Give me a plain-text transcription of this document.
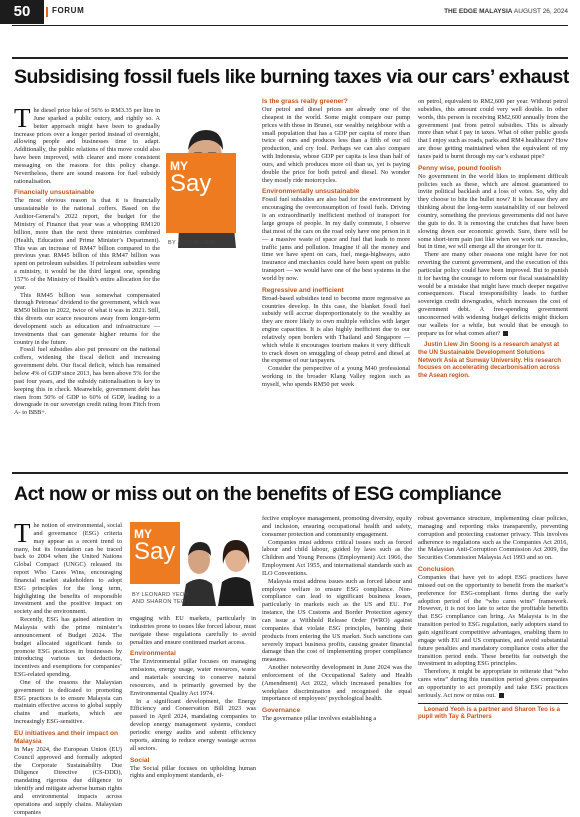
50	FORUM	THE EDGE MALAYSIA AUGUST 26, 2024
Subsidising fossil fuels like burning taxes via our cars’ exhaust

The diesel price hike of 56% to RM3.35 per litre in June sparked a public outcry, and rightly so. A better approach might have been to gradually increase prices over a longer period instead of overnight, allowing people and businesses time to adapt. Additionally, the public relations of this move could also have been improved, with clearer and more consistent messaging on the reasons for this policy change. Nevertheless, there are sound reasons for fuel subsidy rationalisation.

Financially unsustainable

The most obvious reason is that it is financially unsustainable to the national coffers. Based on the Auditor-General’s 2022 report, the budget for the Ministry of Finance that year was a whopping RM120 billion, more than the next three ministries combined (Health, Education and Prime Minister’s Department). This was an increase of RM47 billion compared to the previous year. RM45 billion of this RM47 billion was spent on petroleum subsidies. If petroleum subsidies were a ministry, it would be the third largest one, spending 157% of the Ministry of Health’s entire allocation for the year.

This RM45 billion was somewhat compensated through Petronas’ dividend to the government, which was RM50 billion in 2022, twice of what it was in 2021. Still, this diverts our scarce resources away from longer-term development such as education and infrastructure — investments that can generate higher returns for the country in the future.

Fossil fuel subsidies also put pressure on the national coffers, widening the fiscal deficit and increasing government debt. Our fiscal deficit, which has remained below 4% of GDP since 2013, has been above 5% for the past four years, and the subsidy rationalisation is key to keeping this in check. Meanwhile, government debt has risen from 50% of GDP to 60% of GDP, leading to a downgrade in our sovereign credit rating from Fitch from A- to BBB+.

MY
Say
BY JUSTIN LIEW
Is the grass really greener?

Our petrol and diesel prices are already one of the cheapest in the world. Some might compare our pump prices with those in Brunei, our wealthy neighbour with a small population that has a GDP per capita of more than twice of ours and produces less than a fifth of our oil production, and cry foul. Perhaps we can also compare with Indonesia, whose GDP per capita is less than half of ours, and which produces more oil than us, yet is paying double the price for both petrol and diesel. No wonder they mostly ride motorcycles.

Environmentally unsustainable

Fossil fuel subsidies are also bad for the environment by encouraging the overconsumption of fossil fuels. Driving is an extraordinarily inefficient method of transport for large groups of people. In my daily commute, I observe that most of the cars on the road only have one person in it — a massive waste of space and fuel that leads to more traffic jams and pollution. Imagine if all the money and time we have spent on cars, fuel, mega-highways, auto insurance and mechanics could have been spent on public transport — we would have one of the best systems in the world by now.

Regressive and inefficient

Broad-based subsidies tend to become more regressive as countries develop. In this case, the blanket fossil fuel subsidy will accrue disproportionately to the wealthy as they are more likely to own multiple vehicles with larger engine capacities. It is also highly inefficient due to our relatively open borders with Thailand and Singapore — which while it encourages tourism makes it very difficult to crack down on smuggling of cheap petrol and diesel at the expense of our taxpayers.

Consider the perspective of a young M40 professional working in the broader Klang Valley region such as myself, who spends RM50 per week

on petrol, equivalent to RM2,600 per year. Without petrol subsidies, this amount could very well double. In other words, this person is receiving RM2,600 annually from the government just from petrol subsidies. This is already more than what I pay in taxes. What of other public goods that I enjoy such as roads, parks and RM4 healthcare? How are those getting maintained when the equivalent of my taxes paid is burnt through my car’s exhaust pipe?

Penny wise, pound foolish

No government in the world likes to implement difficult policies such as these, which are almost guaranteed to invite political backlash and a loss of votes. So, why did they choose to bite the bullet now? It is because they are thinking about the long-term sustainability of our beloved country, something the previous governments did not have the guts to do. It is removing the crutches that have been slowing down our economic growth. Sure, there will be some short-term pain just like when we work our muscles, but in time, we will emerge all the stronger for it.

There are many other reasons one might have for not reverting the current government, and the execution of this particular policy could have been improved. But to punish it for having the courage to reform our fiscal sustainability would be a mistake that might have much deeper negative consequences. Fiscal irresponsibility leads to further sovereign credit downgrades, which increases the cost of government debt. A free-spending government unconcerned with widening budget deficits might thicken our wallets for a while, but would that be enough to prepare us for what comes after?

Justin Liew Jin Soong is a research analyst at the UN Sustainable Development Solutions Network Asia at Sunway University. His research focuses on accelerating decarbonisation across the Asean region.

Act now or miss out on the benefits of ESG compliance

The notion of environmental, social and governance (ESG) criteria may appear as a recent trend to many, but its foundation can be traced back to 2004 when the United Nations Global Compact (UNGC) released its report Who Cares Wins, encouraging financial market stakeholders to adopt ESG principles for the long term, highlighting the benefits of responsible investment and the positive impact on society and the environment.

Recently, ESG has gained attention in Malaysia with the prime minister’s announcement of Budget 2024. The budget allocated significant funds to promote ESG practices in businesses by introducing various tax deductions, incentives and exemptions for companies’ ESG-related spending.

One of the reasons the Malaysian government is dedicated to promoting ESG practices is to ensure Malaysia can maintain effective access to global supply chains and markets, which are increasingly ESG-sensitive.

EU initiatives and their impact on Malaysia

In May 2024, the European Union (EU) Council approved and formally adopted the Corporate Sustainability Due Diligence Directive (CS-DDD), mandating rigorous due diligence to identify and mitigate adverse human rights and environmental impacts across operations and supply chains. Malaysian companies

MY
Say
BY LEONARD YEOH AND SHARON TEO

engaging with EU markets, particularly in industries prone to issues like forced labour, must navigate these regulations carefully to avoid penalties and ensure continued market access.

Environmental

The Environmental pillar focuses on managing emissions, energy usage, water resources, waste and materials sourcing to conserve natural resources, and is primarily governed by the Environmental Quality Act 1974.

In a significant development, the Energy Efficiency and Conservation Bill 2023 was passed in April 2024, mandating companies to develop energy management systems, conduct periodic energy audits and submit efficiency reports, aiming to reduce energy wastage across all sectors.

Social

The Social pillar focuses on upholding human rights and employment standards, ef-

fective employee management, promoting diversity, equity and inclusion, ensuring occupational health and safety, consumer protection and community engagement.

Companies must address critical issues such as forced labour and child labour, guided by laws such as the Children and Young Persons (Employment) Act 1966, the Employment Act 1955, and international standards such as ILO Conventions.

Malaysia must address issues such as forced labour and employee welfare to ensure ESG compliance. Non-compliance can lead to significant business losses, particularly in markets such as the US and EU. For instance, the US Customs and Border Protection agency can issue a Withhold Release Order (WRO) against companies that violate ESG principles, banning their products from entering the US market. Such sanctions can severely impact business profits, causing greater financial damage than the cost of implementing proper compliance measures.

Another noteworthy development in June 2024 was the enforcement of the Occupational Safety and Health (Amendment) Act 2022, which increased penalties for workplace discrimination and recognised the equal importance of employees’ psychological health.

Governance

The governance pillar involves establishing a

robust governance structure, implementing clear policies, managing and reporting risks transparently, preventing corruption and protecting customer privacy. This involves adherence to regulations such as the Companies Act 2016, the Malaysian Anti-Corruption Commission Act 2009, the Securities Commission Malaysia Act 1993 and so on.

Conclusion

Companies that have yet to adopt ESG practices have missed out on the opportunity to benefit from the market’s preference for ESG-compliant firms during the early adoption period of the “who cares wins” framework. However, it is not too late to seize the profitable benefits that ESG compliance can bring. As Malaysia is in the transition period to ESG regulation, early adopters stand to gain significant competitive advantages, enabling them to engage with EU and US companies, and avoid substantial future penalties and mandatory compliance costs after the transition period ends. These benefits far outweigh the investment in adopting ESG principles.

Therefore, it might be appropriate to reiterate that “who cares wins” during this transition period gives companies an opportunity to act promptly and take ESG practices seriously. Act now or miss out.

Leonard Yeoh is a partner and Sharon Teo is a pupil with Tay & Partners
